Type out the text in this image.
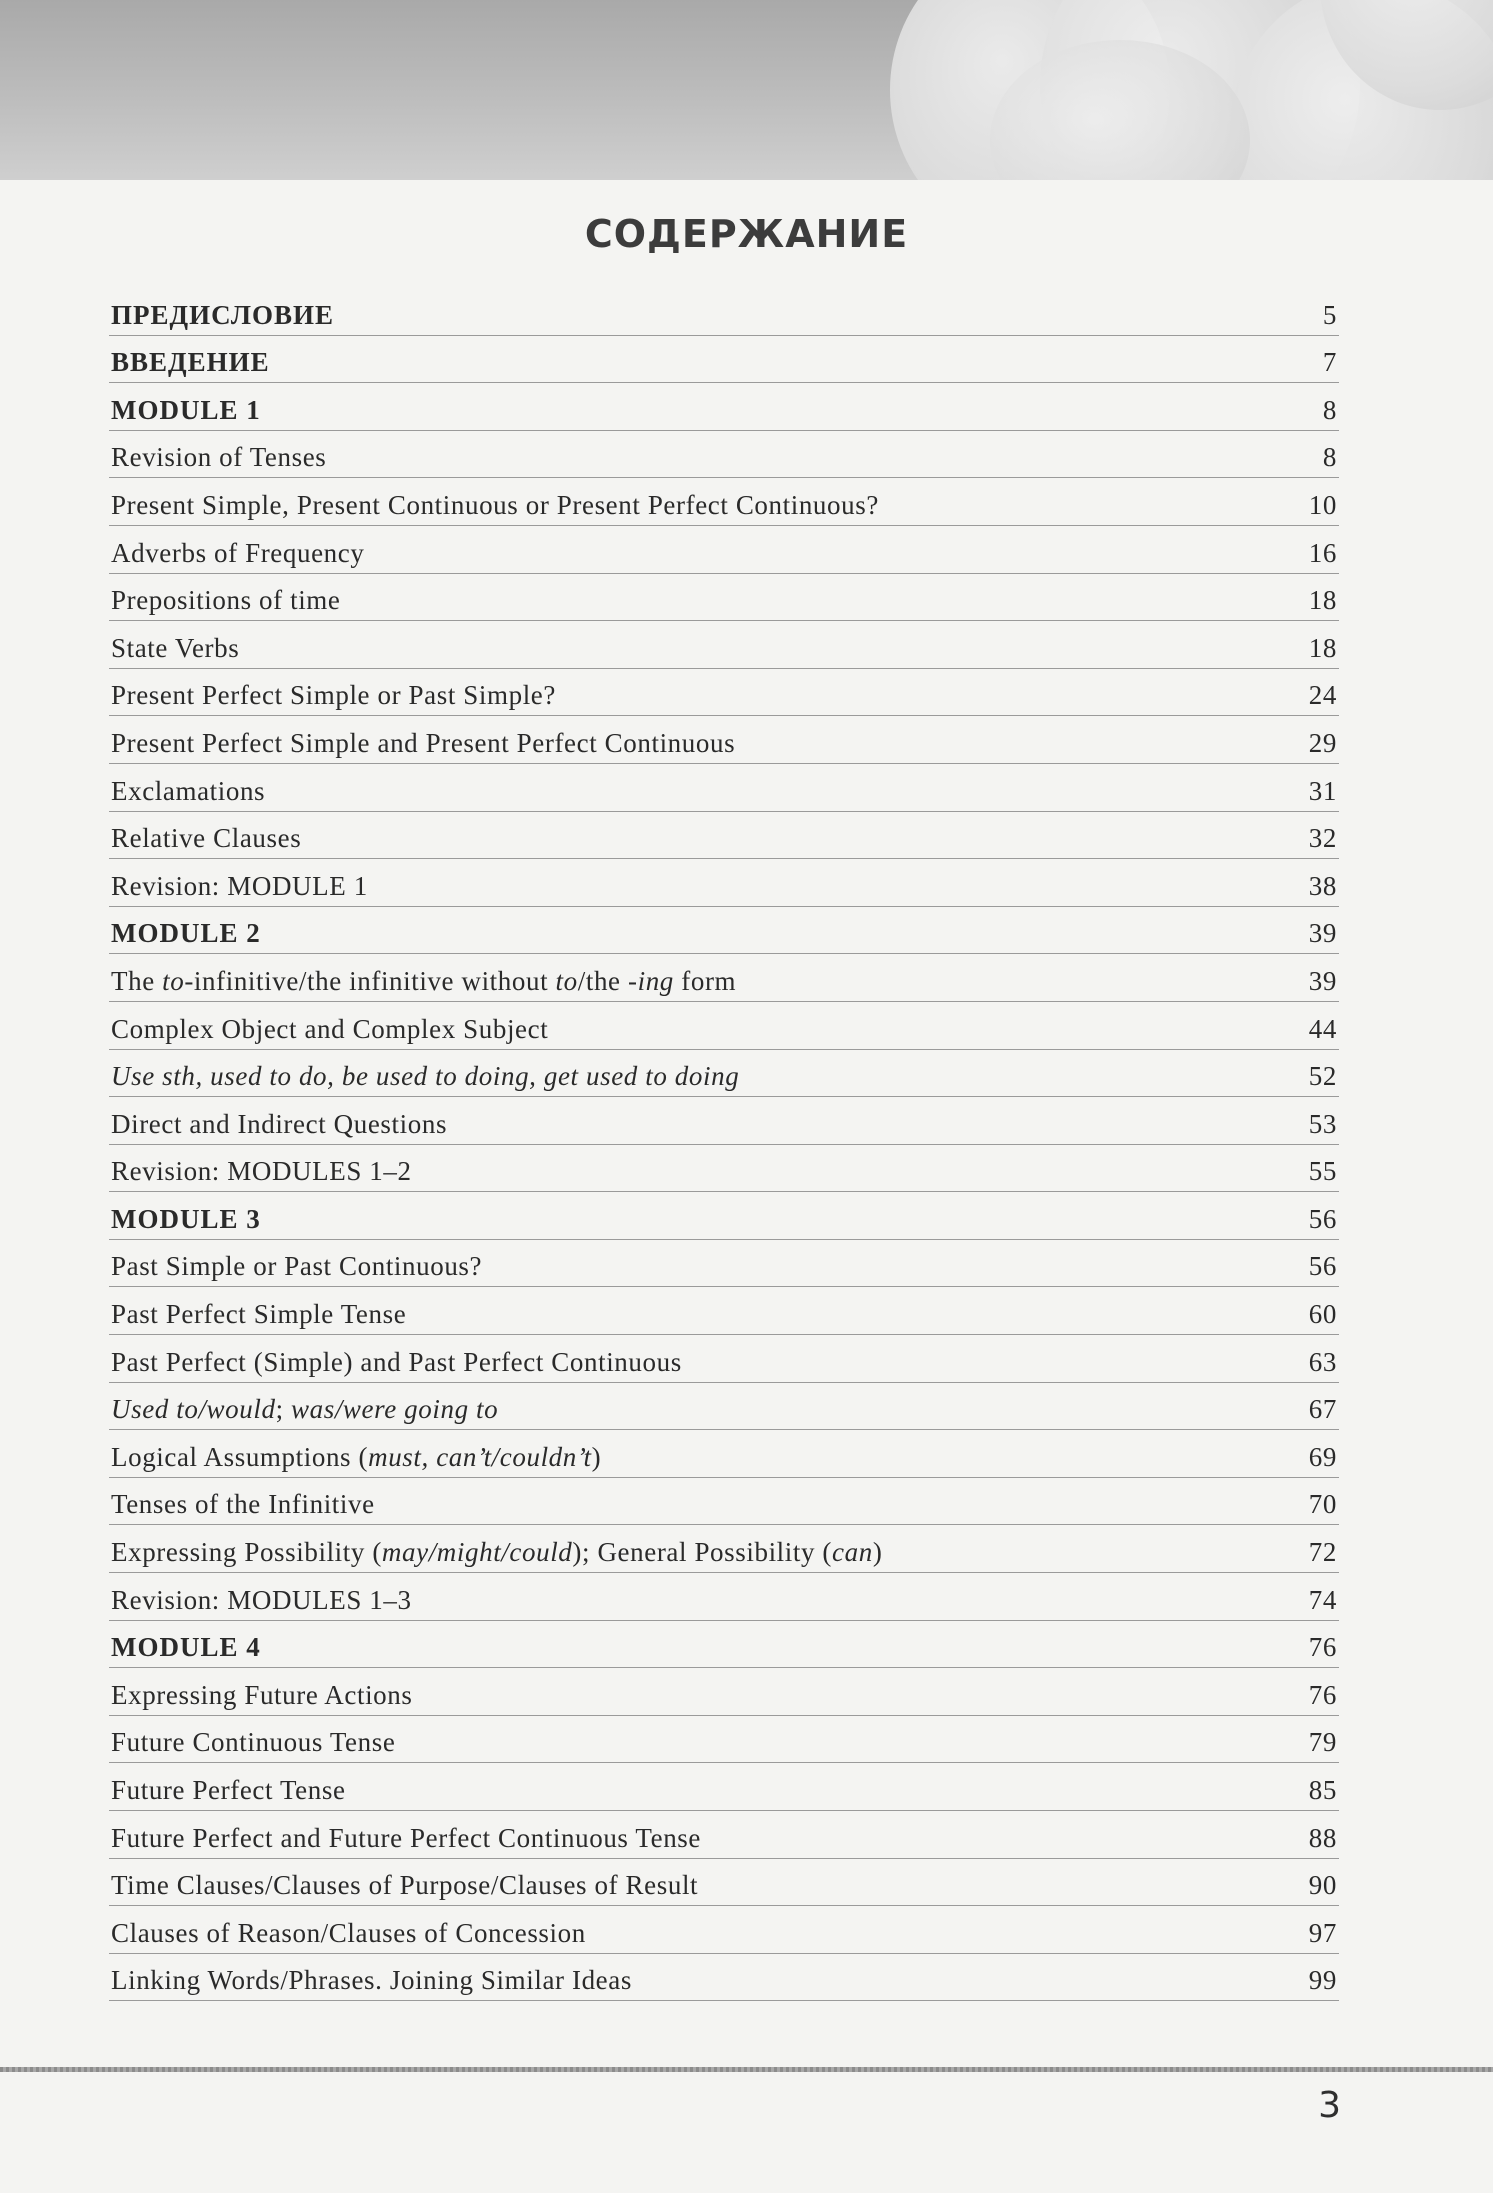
СОДЕРЖАНИЕ
ПРЕДИСЛОВИЕ	5
ВВЕДЕНИЕ	7
MODULE 1	8
Revision of Tenses	8
Present Simple, Present Continuous or Present Perfect Continuous?	10
Adverbs of Frequency	16
Prepositions of time	18
State Verbs	18
Present Perfect Simple or Past Simple?	24
Present Perfect Simple and Present Perfect Continuous	29
Exclamations	31
Relative Clauses	32
Revision: MODULE 1	38
MODULE 2	39
The to-infinitive/the infinitive without to/the -ing form	39
Complex Object and Complex Subject	44
Use sth, used to do, be used to doing, get used to doing	52
Direct and Indirect Questions	53
Revision: MODULES 1–2	55
MODULE 3	56
Past Simple or Past Continuous?	56
Past Perfect Simple Tense	60
Past Perfect (Simple) and Past Perfect Continuous	63
Used to/would; was/were going to	67
Logical Assumptions (must, can’t/couldn’t)	69
Tenses of the Infinitive	70
Expressing Possibility (may/might/could); General Possibility (can)	72
Revision: MODULES 1–3	74
MODULE 4	76
Expressing Future Actions	76
Future Continuous Tense	79
Future Perfect Tense	85
Future Perfect and Future Perfect Continuous Tense	88
Time Clauses/Clauses of Purpose/Clauses of Result	90
Clauses of Reason/Clauses of Concession	97
Linking Words/Phrases. Joining Similar Ideas	99
3
